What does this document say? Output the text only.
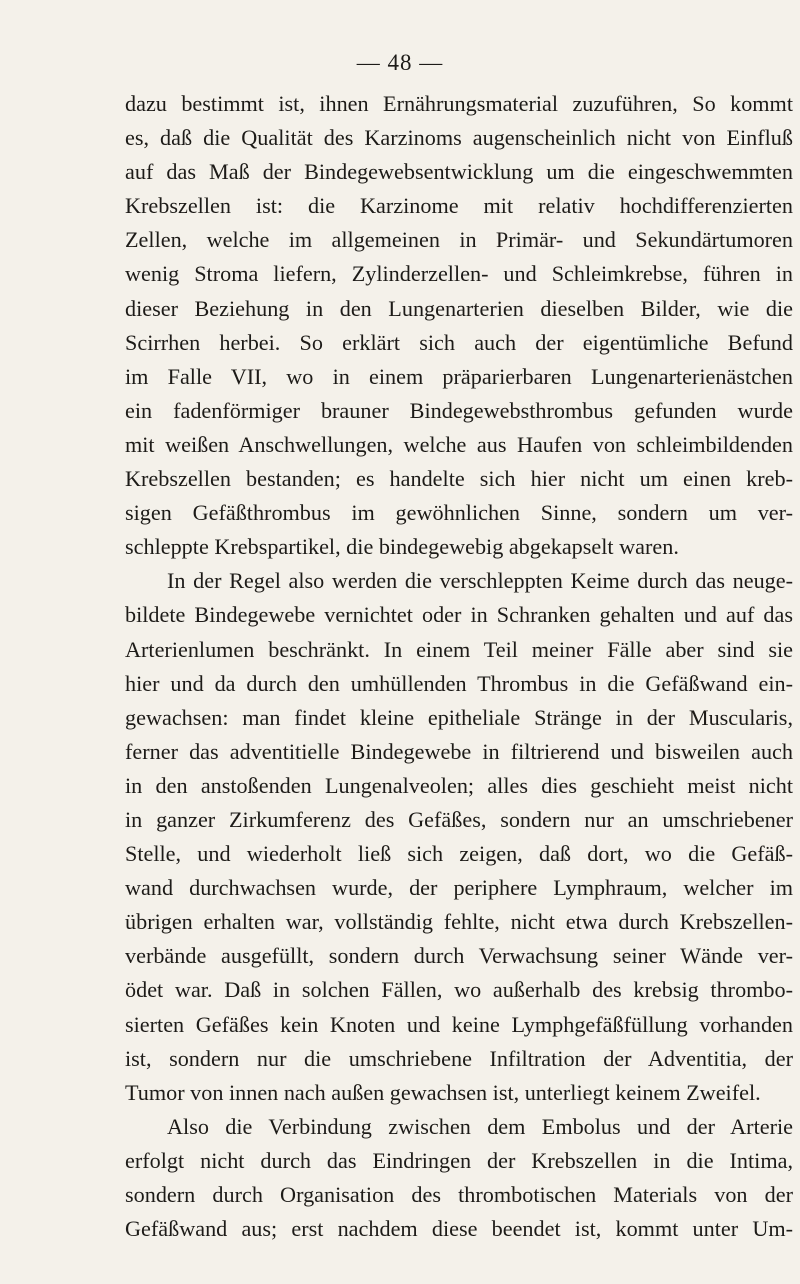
— 48 —
dazu bestimmt ist, ihnen Ernährungsmaterial zuzuführen, So kommt
es, daß die Qualität des Karzinoms augenscheinlich nicht von Einfluß
auf das Maß der Bindegewebsentwicklung um die eingeschwemmten
Krebszellen ist: die Karzinome mit relativ hochdifferenzierten
Zellen, welche im allgemeinen in Primär- und Sekundärtumoren
wenig Stroma liefern, Zylinderzellen- und Schleimkrebse, führen in
dieser Beziehung in den Lungenarterien dieselben Bilder, wie die
Scirrhen herbei. So erklärt sich auch der eigentümliche Befund
im Falle VII, wo in einem präparierbaren Lungenarterienästchen
ein fadenförmiger brauner Bindegewebsthrombus gefunden wurde
mit weißen Anschwellungen, welche aus Haufen von schleimbildenden
Krebszellen bestanden; es handelte sich hier nicht um einen kreb-
sigen Gefäßthrombus im gewöhnlichen Sinne, sondern um ver-
schleppte Krebspartikel, die bindegewebig abgekapselt waren.
In der Regel also werden die verschleppten Keime durch das neuge-
bildete Bindegewebe vernichtet oder in Schranken gehalten und auf das
Arterienlumen beschränkt. In einem Teil meiner Fälle aber sind sie
hier und da durch den umhüllenden Thrombus in die Gefäßwand ein-
gewachsen: man findet kleine epitheliale Stränge in der Muscularis,
ferner das adventitielle Bindegewebe in filtrierend und bisweilen auch
in den anstoßenden Lungenalveolen; alles dies geschieht meist nicht
in ganzer Zirkumferenz des Gefäßes, sondern nur an umschriebener
Stelle, und wiederholt ließ sich zeigen, daß dort, wo die Gefäß-
wand durchwachsen wurde, der periphere Lymphraum, welcher im
übrigen erhalten war, vollständig fehlte, nicht etwa durch Krebszellen-
verbände ausgefüllt, sondern durch Verwachsung seiner Wände ver-
ödet war. Daß in solchen Fällen, wo außerhalb des krebsig thrombo-
sierten Gefäßes kein Knoten und keine Lymphgefäßfüllung vorhanden
ist, sondern nur die umschriebene Infiltration der Adventitia, der
Tumor von innen nach außen gewachsen ist, unterliegt keinem Zweifel.
Also die Verbindung zwischen dem Embolus und der Arterie
erfolgt nicht durch das Eindringen der Krebszellen in die Intima,
sondern durch Organisation des thrombotischen Materials von der
Gefäßwand aus; erst nachdem diese beendet ist, kommt unter Um-
